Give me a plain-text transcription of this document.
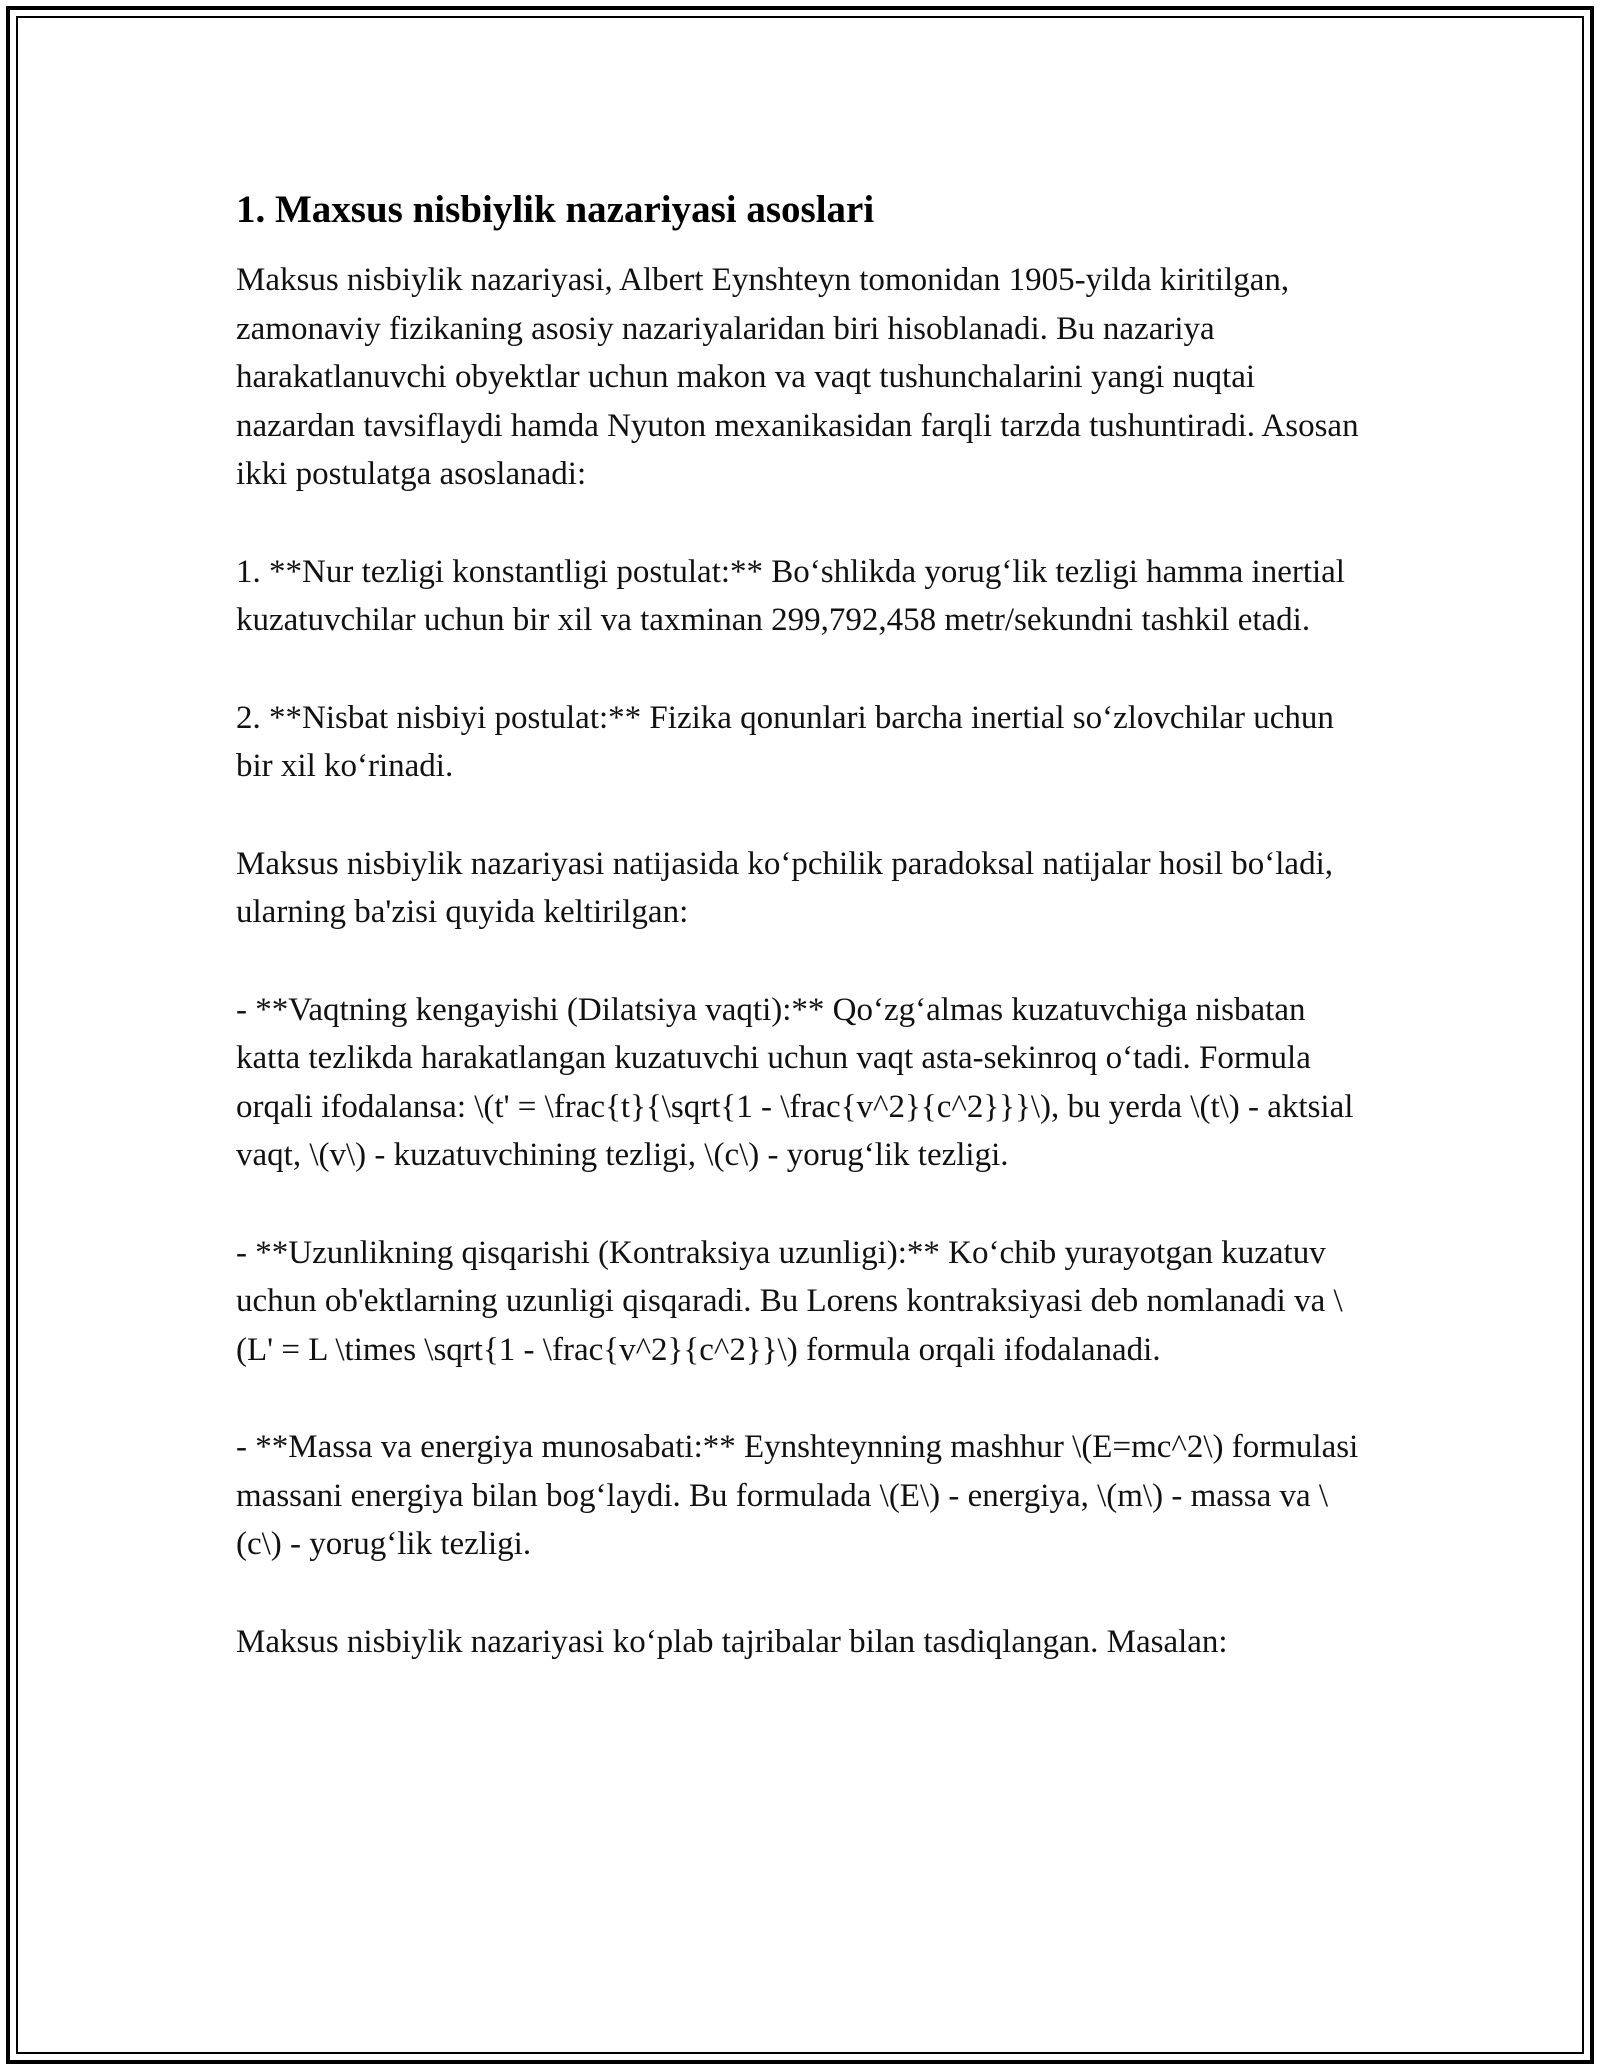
1. Maxsus nisbiylik nazariyasi asoslari

Maksus nisbiylik nazariyasi, Albert Eynshteyn tomonidan 1905-yilda kiritilgan, zamonaviy fizikaning asosiy nazariyalaridan biri hisoblanadi. Bu nazariya harakatlanuvchi obyektlar uchun makon va vaqt tushunchalarini yangi nuqtai nazardan tavsiflaydi hamda Nyuton mexanikasidan farqli tarzda tushuntiradi. Asosan ikki postulatga asoslanadi:

1. **Nur tezligi konstantligi postulat:** Bo‘shlikda yorug‘lik tezligi hamma inertial kuzatuvchilar uchun bir xil va taxminan 299,792,458 metr/sekundni tashkil etadi.

2. **Nisbat nisbiyi postulat:** Fizika qonunlari barcha inertial so‘zlovchilar uchun bir xil ko‘rinadi.

Maksus nisbiylik nazariyasi natijasida ko‘pchilik paradoksal natijalar hosil bo‘ladi, ularning ba'zisi quyida keltirilgan:

- **Vaqtning kengayishi (Dilatsiya vaqti):** Qo‘zg‘almas kuzatuvchiga nisbatan katta tezlikda harakatlangan kuzatuvchi uchun vaqt asta-sekinroq o‘tadi. Formula orqali ifodalansa: \(t' = \frac{t}{\sqrt{1 - \frac{v^2}{c^2}}}\), bu yerda \(t\) - aktsial vaqt, \(v\) - kuzatuvchining tezligi, \(c\) - yorug‘lik tezligi.

- **Uzunlikning qisqarishi (Kontraksiya uzunligi):** Ko‘chib yurayotgan kuzatuv uchun ob'ektlarning uzunligi qisqaradi. Bu Lorens kontraksiyasi deb nomlanadi va \(L' = L \times \sqrt{1 - \frac{v^2}{c^2}}\) formula orqali ifodalanadi.

- **Massa va energiya munosabati:** Eynshteynning mashhur \(E=mc^2\) formulasi massani energiya bilan bog‘laydi. Bu formulada \(E\) - energiya, \(m\) - massa va \(c\) - yorug‘lik tezligi.

Maksus nisbiylik nazariyasi ko‘plab tajribalar bilan tasdiqlangan. Masalan:
